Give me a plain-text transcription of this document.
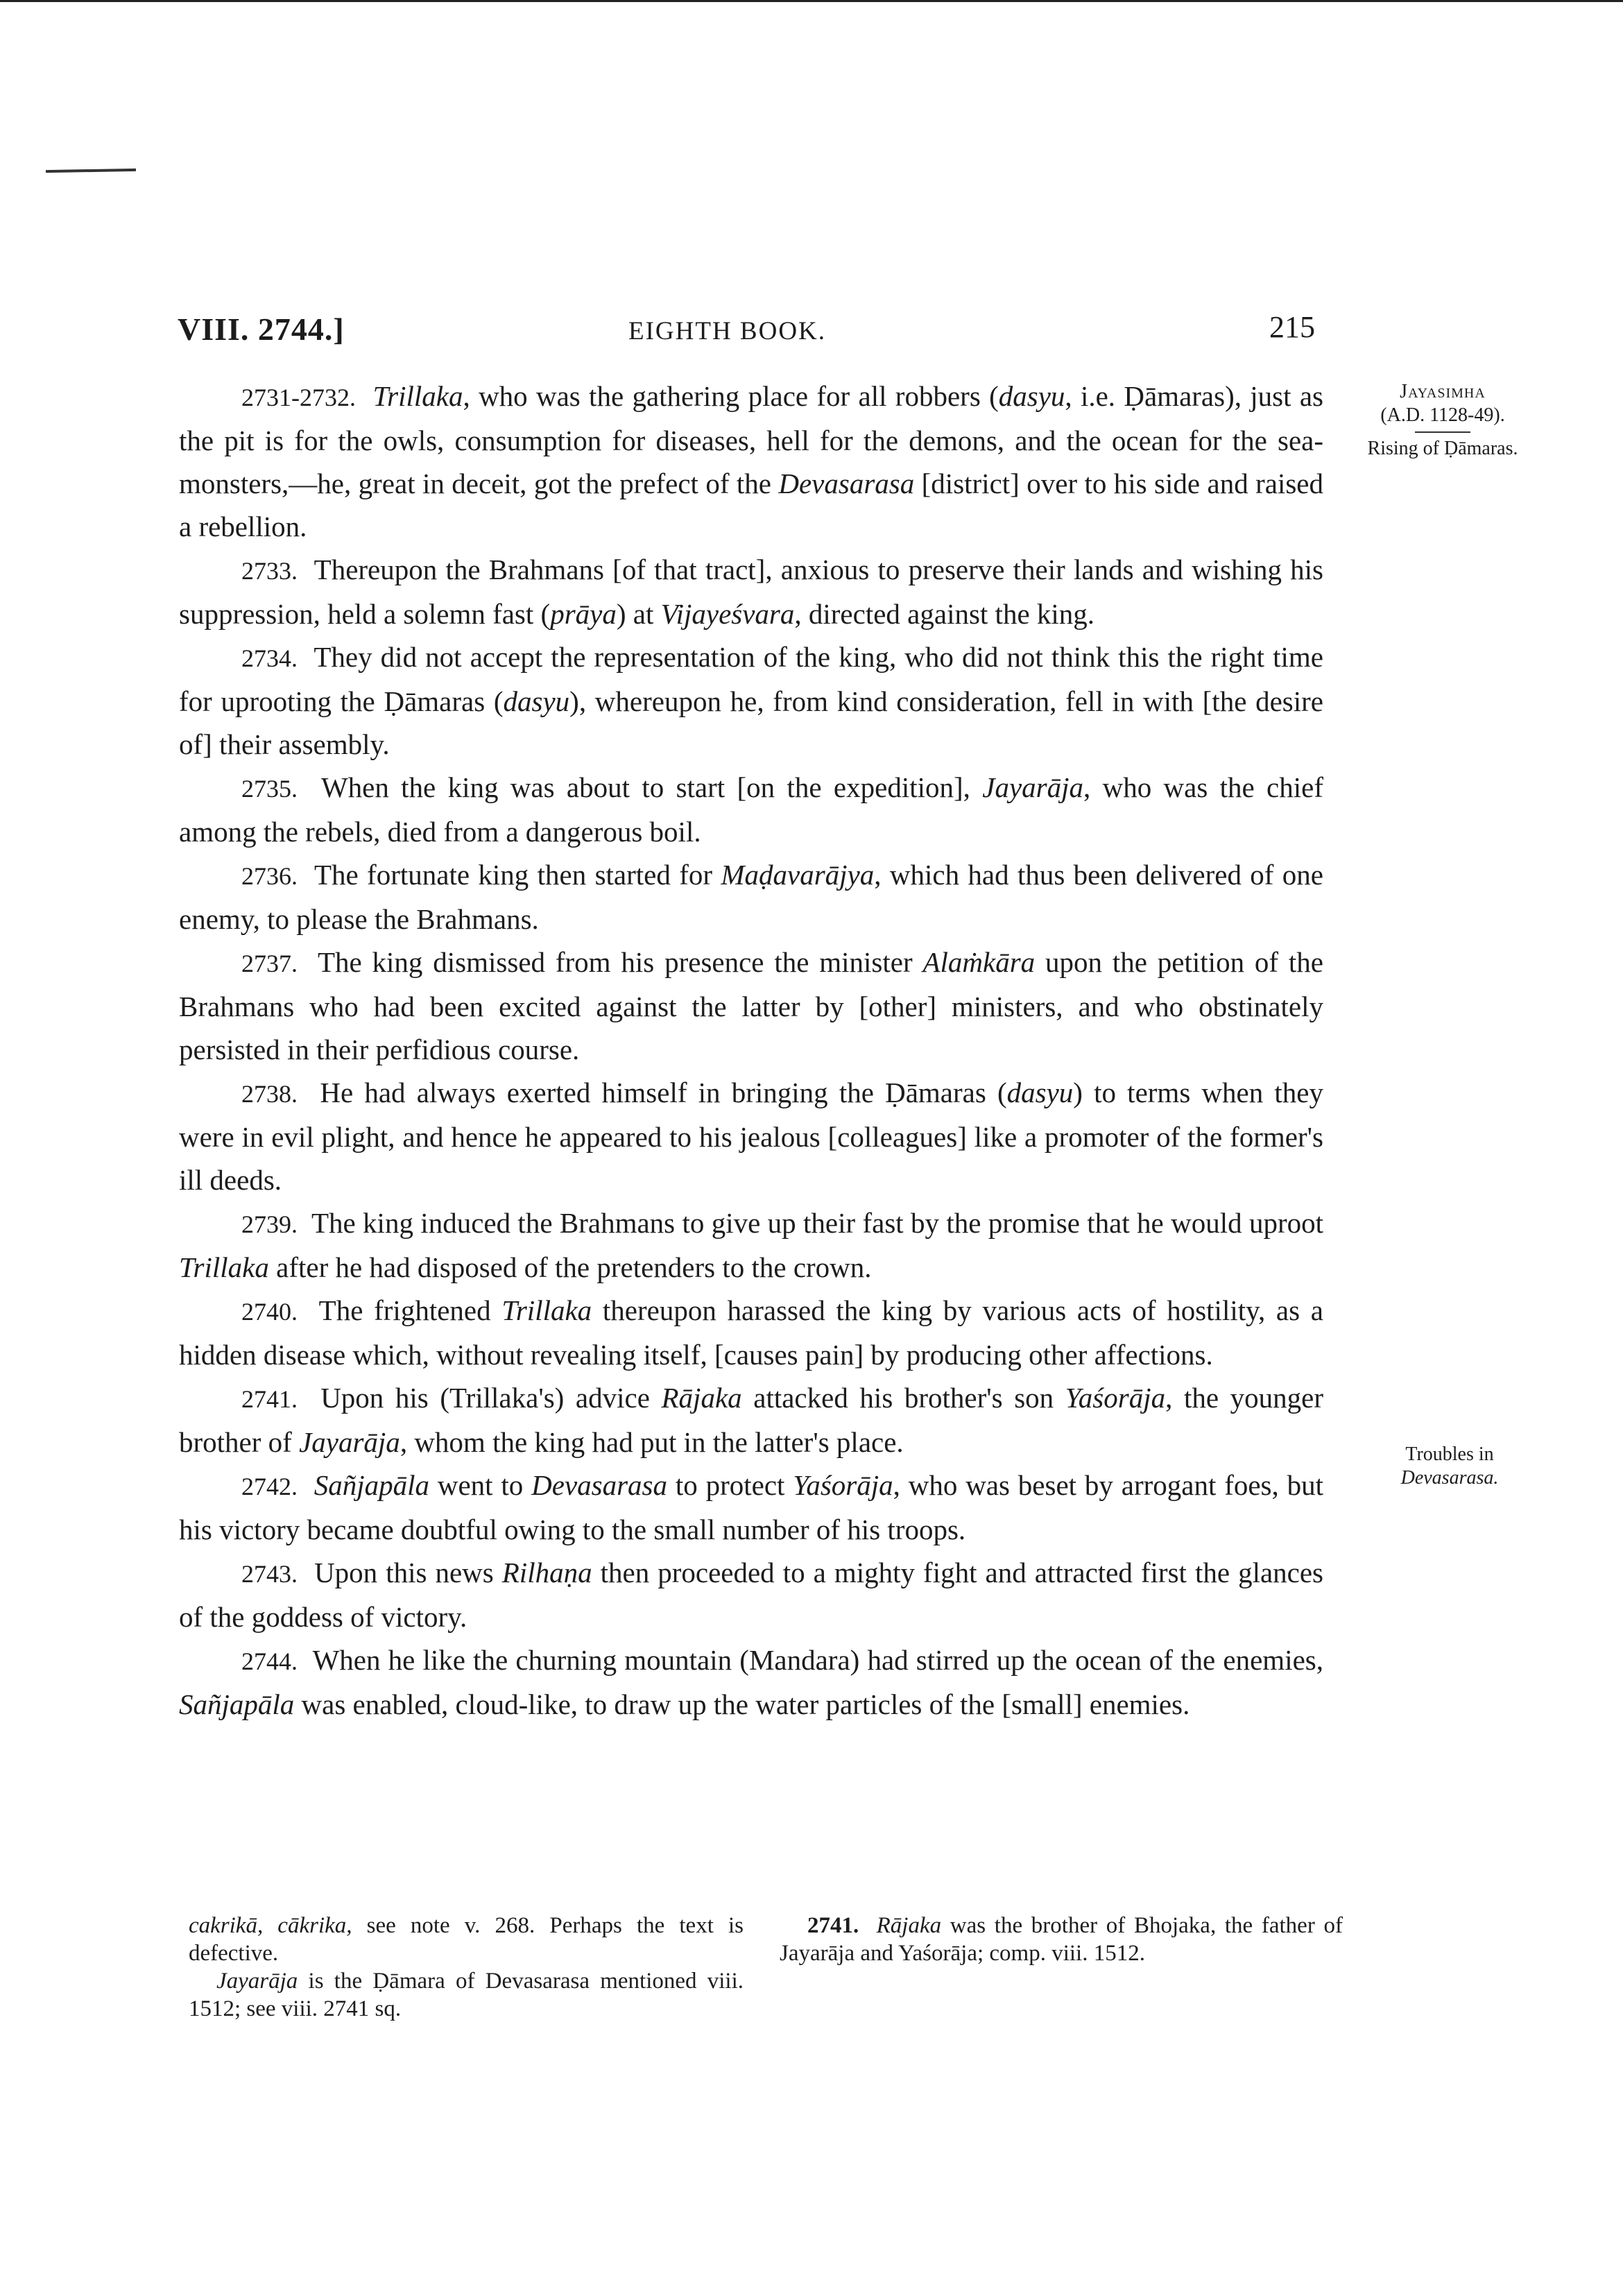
VIII. 2744.]	EIGHTH BOOK.	215
Jayasimha
(A.D. 1128-49).
Rising of Ḍāmaras.
Troubles in
Devasarasa.

2731-2732. Trillaka, who was the gathering place for all robbers (dasyu, i.e. Ḍāmaras), just as the pit is for the owls, consumption for diseases, hell for the demons, and the ocean for the sea-monsters,—he, great in deceit, got the prefect of the Devasarasa [district] over to his side and raised a rebellion.

2733. Thereupon the Brahmans [of that tract], anxious to preserve their lands and wishing his suppression, held a solemn fast (prāya) at Vijayeśvara, directed against the king.

2734. They did not accept the representation of the king, who did not think this the right time for uprooting the Ḍāmaras (dasyu), whereupon he, from kind consideration, fell in with [the desire of] their assembly.

2735. When the king was about to start [on the expedition], Jayarāja, who was the chief among the rebels, died from a dangerous boil.

2736. The fortunate king then started for Maḍavarājya, which had thus been delivered of one enemy, to please the Brahmans.

2737. The king dismissed from his presence the minister Alaṁkāra upon the petition of the Brahmans who had been excited against the latter by [other] ministers, and who obstinately persisted in their perfidious course.

2738. He had always exerted himself in bringing the Ḍāmaras (dasyu) to terms when they were in evil plight, and hence he appeared to his jealous [colleagues] like a promoter of the former's ill deeds.

2739. The king induced the Brahmans to give up their fast by the promise that he would uproot Trillaka after he had disposed of the pretenders to the crown.

2740. The frightened Trillaka thereupon harassed the king by various acts of hostility, as a hidden disease which, without revealing itself, [causes pain] by producing other affections.

2741. Upon his (Trillaka's) advice Rājaka attacked his brother's son Yaśorāja, the younger brother of Jayarāja, whom the king had put in the latter's place.

2742. Sañjapāla went to Devasarasa to protect Yaśorāja, who was beset by arrogant foes, but his victory became doubtful owing to the small number of his troops.

2743. Upon this news Rilhaṇa then proceeded to a mighty fight and attracted first the glances of the goddess of victory.

2744. When he like the churning mountain (Mandara) had stirred up the ocean of the enemies, Sañjapāla was enabled, cloud-like, to draw up the water particles of the [small] enemies.

cakrikā, cākrika, see note v. 268. Perhaps the text is defective.

Jayarāja is the Ḍāmara of Devasarasa mentioned viii. 1512; see viii. 2741 sq.

2741. Rājaka was the brother of Bhojaka, the father of Jayarāja and Yaśorāja; comp. viii. 1512.
